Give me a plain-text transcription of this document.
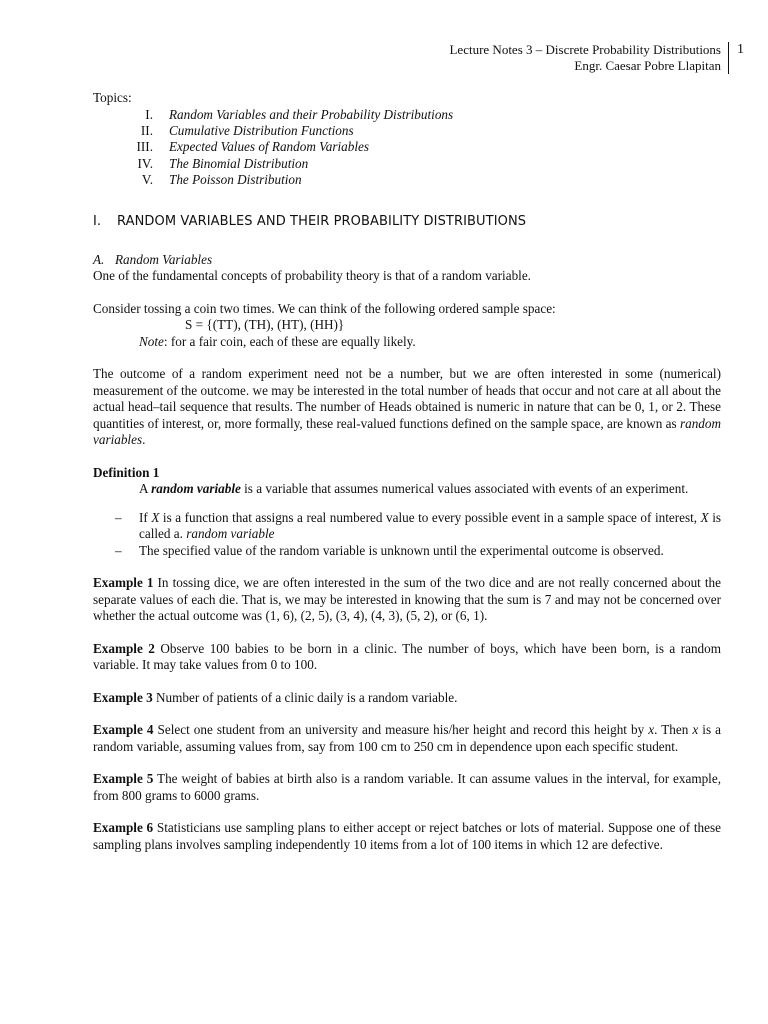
Lecture Notes 3 – Discrete Probability Distributions
Engr. Caesar Pobre Llapitan
1

Topics:

I.	Random Variables and their Probability Distributions
II.	Cumulative Distribution Functions
III.	Expected Values of Random Variables
IV.	The Binomial Distribution
V.	The Poisson Distribution
I.	RANDOM VARIABLES AND THEIR PROBABILITY DISTRIBUTIONS
A. Random Variables

One of the fundamental concepts of probability theory is that of a random variable.

Consider tossing a coin two times. We can think of the following ordered sample space:

S = {(TT), (TH), (HT), (HH)}

Note: for a fair coin, each of these are equally likely.

The outcome of a random experiment need not be a number, but we are often interested in some (numerical) measurement of the outcome. we may be interested in the total number of heads that occur and not care at all about the actual head–tail sequence that results. The number of Heads obtained is numeric in nature that can be 0, 1, or 2. These quantities of interest, or, more formally, these real-valued functions defined on the sample space, are known as random variables.

Definition 1

A random variable is a variable that assumes numerical values associated with events of an experiment.

–	If X is a function that assigns a real numbered value to every possible event in a sample space of interest, X is called a. random variable
–	The specified value of the random variable is unknown until the experimental outcome is observed.

Example 1 In tossing dice, we are often interested in the sum of the two dice and are not really concerned about the separate values of each die. That is, we may be interested in knowing that the sum is 7 and may not be concerned over whether the actual outcome was (1, 6), (2, 5), (3, 4), (4, 3), (5, 2), or (6, 1).

Example 2 Observe 100 babies to be born in a clinic. The number of boys, which have been born, is a random variable. It may take values from 0 to 100.

Example 3 Number of patients of a clinic daily is a random variable.

Example 4 Select one student from an university and measure his/her height and record this height by x. Then x is a random variable, assuming values from, say from 100 cm to 250 cm in dependence upon each specific student.

Example 5 The weight of babies at birth also is a random variable. It can assume values in the interval, for example, from 800 grams to 6000 grams.

Example 6 Statisticians use sampling plans to either accept or reject batches or lots of material. Suppose one of these sampling plans involves sampling independently 10 items from a lot of 100 items in which 12 are defective.
